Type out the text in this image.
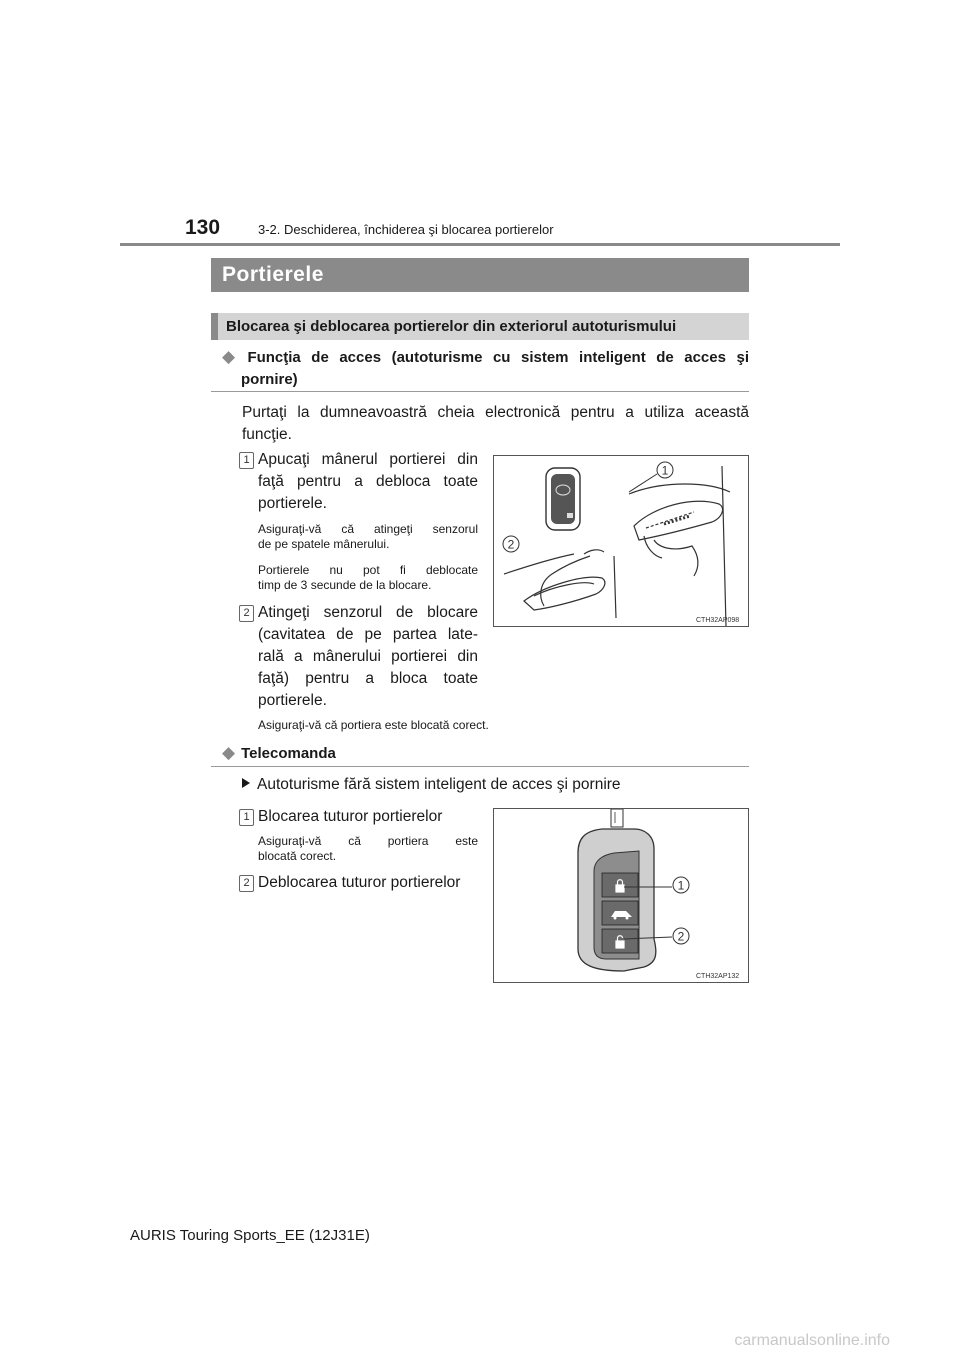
130	3-2. Deschiderea, închiderea şi blocarea portierelor
Portierele
Blocarea şi deblocarea portierelor din exteriorul autoturismului
◆ Funcţia de acces (autoturisme cu sistem inteligent de acces şi
pornire)
Purtaţi la dumneavoastră cheia electronică pentru a utiliza această
funcţie.
1 Apucaţi mânerul portierei din
faţă pentru a debloca toate
portierele.
Asiguraţi-vă că atingeţi senzorul
de pe spatele mânerului.
Portierele nu pot fi deblocate
timp de 3 secunde de la blocare.
2 Atingeţi senzorul de blocare
(cavitatea de pe partea late-
rală a mânerului portierei din
faţă) pentru a bloca toate
portierele.
Asiguraţi-vă că portiera este blocată corect.
1
2
CTH32AP098
◆ Telecomanda
Autoturisme fără sistem inteligent de acces şi pornire
1 Blocarea tuturor portierelor
Asiguraţi-vă că portiera este
blocată corect.
2 Deblocarea tuturor portierelor	1
2
CTH32AP132
AURIS Touring Sports_EE (12J31E)
carmanualsonline.info
